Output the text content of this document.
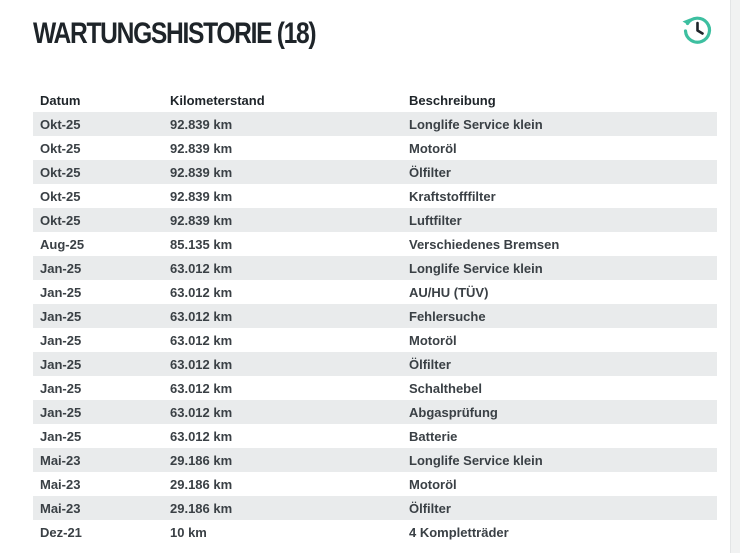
WARTUNGSHISTORIE (18)
Datum	Kilometerstand	Beschreibung
Okt-25	92.839 km	Longlife Service klein
Okt-25	92.839 km	Motoröl
Okt-25	92.839 km	Ölfilter
Okt-25	92.839 km	Kraftstofffilter
Okt-25	92.839 km	Luftfilter
Aug-25	85.135 km	Verschiedenes Bremsen
Jan-25	63.012 km	Longlife Service klein
Jan-25	63.012 km	AU/HU (TÜV)
Jan-25	63.012 km	Fehlersuche
Jan-25	63.012 km	Motoröl
Jan-25	63.012 km	Ölfilter
Jan-25	63.012 km	Schalthebel
Jan-25	63.012 km	Abgasprüfung
Jan-25	63.012 km	Batterie
Mai-23	29.186 km	Longlife Service klein
Mai-23	29.186 km	Motoröl
Mai-23	29.186 km	Ölfilter
Dez-21	10 km	4 Kompletträder
